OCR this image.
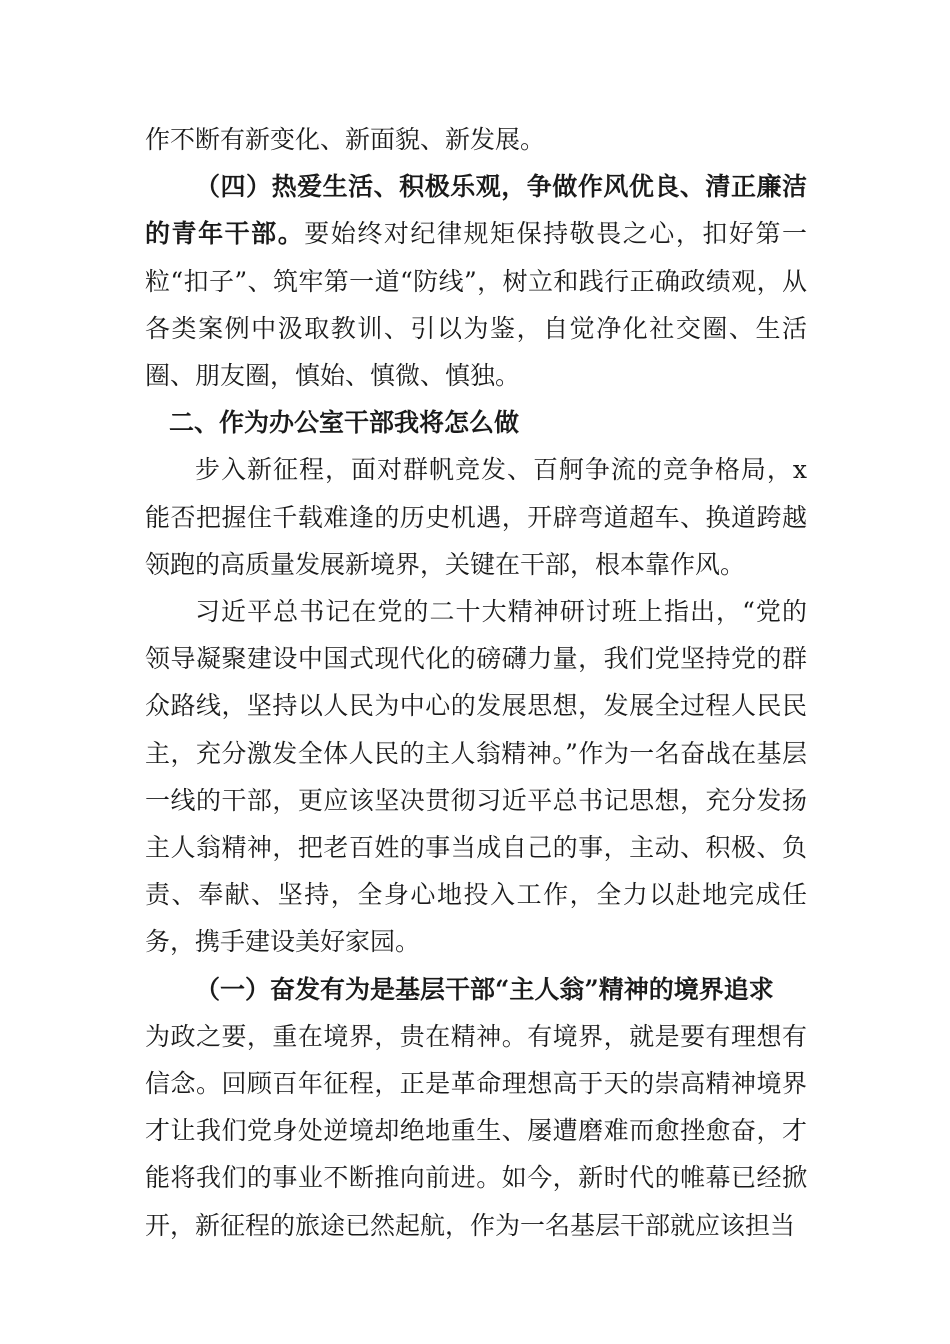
作不断有新变化、新面貌、新发展。

（四）热爱生活、积极乐观，争做作风优良、清正廉洁的青年干部。要始终对纪律规矩保持敬畏之心，扣好第一粒“扣子”、筑牢第一道“防线”，树立和践行正确政绩观，从各类案例中汲取教训、引以为鉴，自觉净化社交圈、生活圈、朋友圈，慎始、慎微、慎独。

二、作为办公室干部我将怎么做

步入新征程，面对群帆竞发、百舸争流的竞争格局，x能否把握住千载难逢的历史机遇，开辟弯道超车、换道跨越领跑的高质量发展新境界，关键在干部，根本靠作风。

习近平总书记在党的二十大精神研讨班上指出，“党的领导凝聚建设中国式现代化的磅礴力量，我们党坚持党的群众路线，坚持以人民为中心的发展思想，发展全过程人民民主，充分激发全体人民的主人翁精神。”作为一名奋战在基层一线的干部，更应该坚决贯彻习近平总书记思想，充分发扬主人翁精神，把老百姓的事当成自己的事，主动、积极、负责、奉献、坚持，全身心地投入工作，全力以赴地完成任务，携手建设美好家园。

（一）奋发有为是基层干部“主人翁”精神的境界追求

为政之要，重在境界，贵在精神。有境界，就是要有理想有信念。回顾百年征程，正是革命理想高于天的崇高精神境界才让我们党身处逆境却绝地重生、屡遭磨难而愈挫愈奋，才能将我们的事业不断推向前进。如今，新时代的帷幕已经掀开，新征程的旅途已然起航，作为一名基层干部就应该担当
